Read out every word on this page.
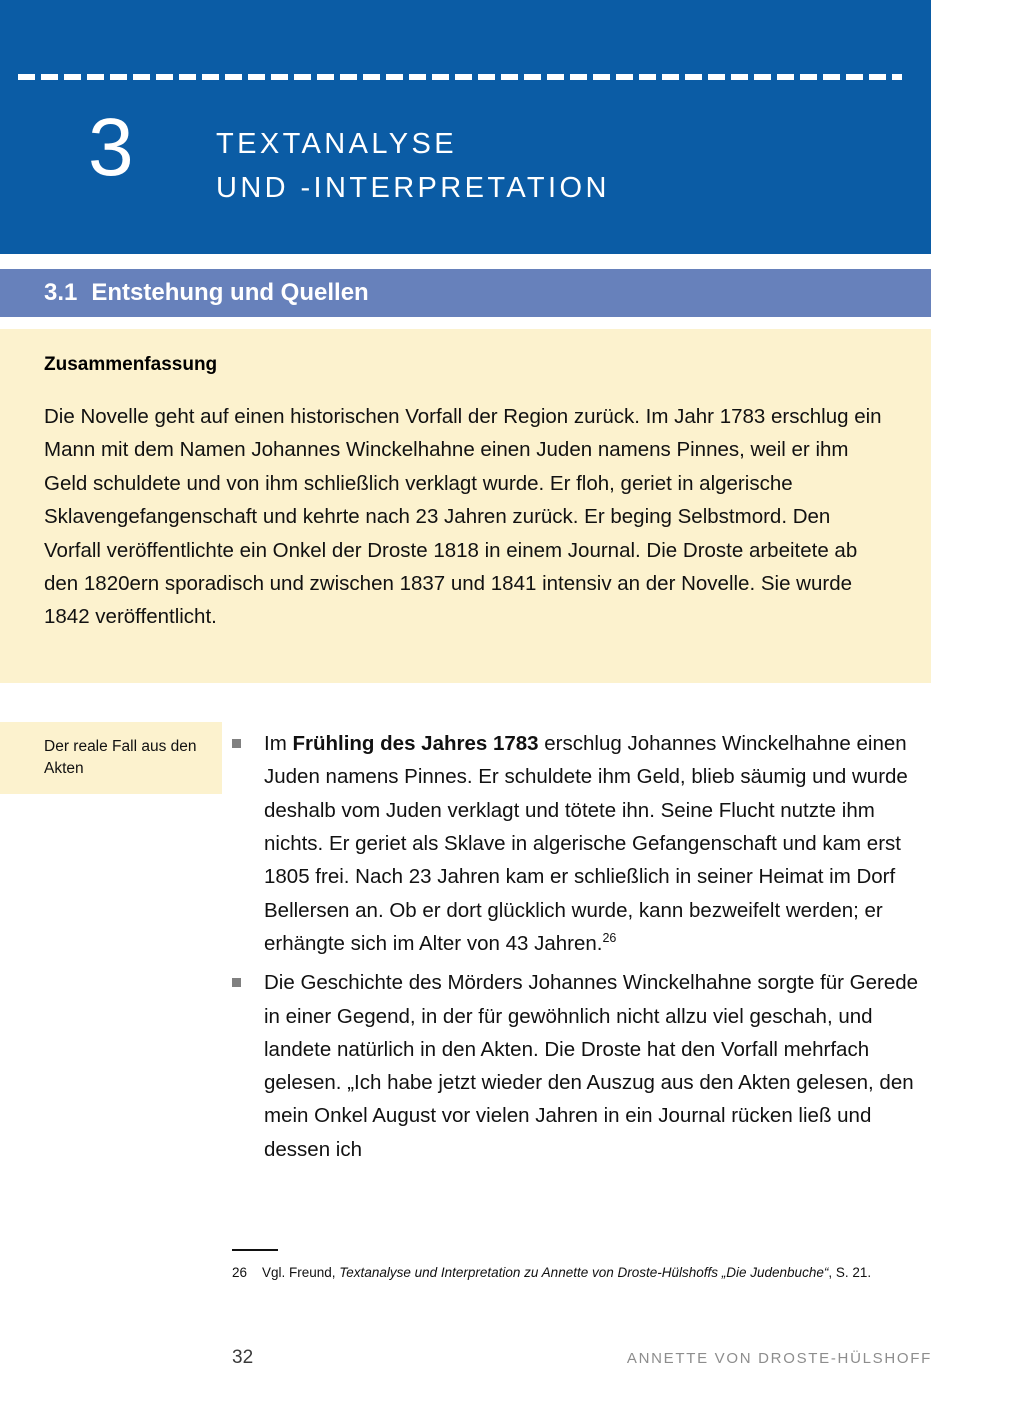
3	TEXTANALYSE
UND -INTERPRETATION
3.1 Entstehung und Quellen

Zusammenfassung

Die Novelle geht auf einen historischen Vorfall der Region zurück. Im Jahr 1783 erschlug ein Mann mit dem Namen Johannes Winckelhahne einen Juden namens Pinnes, weil er ihm Geld schuldete und von ihm schließlich verklagt wurde. Er floh, geriet in algerische Sklavengefangenschaft und kehrte nach 23 Jahren zurück. Er beging Selbstmord. Den Vorfall veröffentlichte ein Onkel der Droste 1818 in einem Journal. Die Droste arbeitete ab den 1820ern sporadisch und zwischen 1837 und 1841 intensiv an der Novelle. Sie wurde 1842 veröffentlicht.

Der reale Fall aus den Akten
Im Frühling des Jahres 1783 erschlug Johannes Winckelhahne einen Juden namens Pinnes. Er schuldete ihm Geld, blieb säumig und wurde deshalb vom Juden verklagt und tötete ihn. Seine Flucht nutzte ihm nichts. Er geriet als Sklave in algerische Gefangenschaft und kam erst 1805 frei. Nach 23 Jahren kam er schließlich in seiner Heimat im Dorf Bellersen an. Ob er dort glücklich wurde, kann bezweifelt werden; er erhängte sich im Alter von 43 Jahren.$^{26}$
Die Geschichte des Mörders Johannes Winckelhahne sorgte für Gerede in einer Gegend, in der für gewöhnlich nicht allzu viel geschah, und landete natürlich in den Akten. Die Droste hat den Vorfall mehrfach gelesen. „Ich habe jetzt wieder den Auszug aus den Akten gelesen, den mein Onkel August vor vielen Jahren in ein Journal rücken ließ und dessen ich
26	Vgl. Freund, Textanalyse und Interpretation zu Annette von Droste-Hülshoffs „Die Judenbuche“, S. 21.
32	ANNETTE VON DROSTE-HÜLSHOFF
